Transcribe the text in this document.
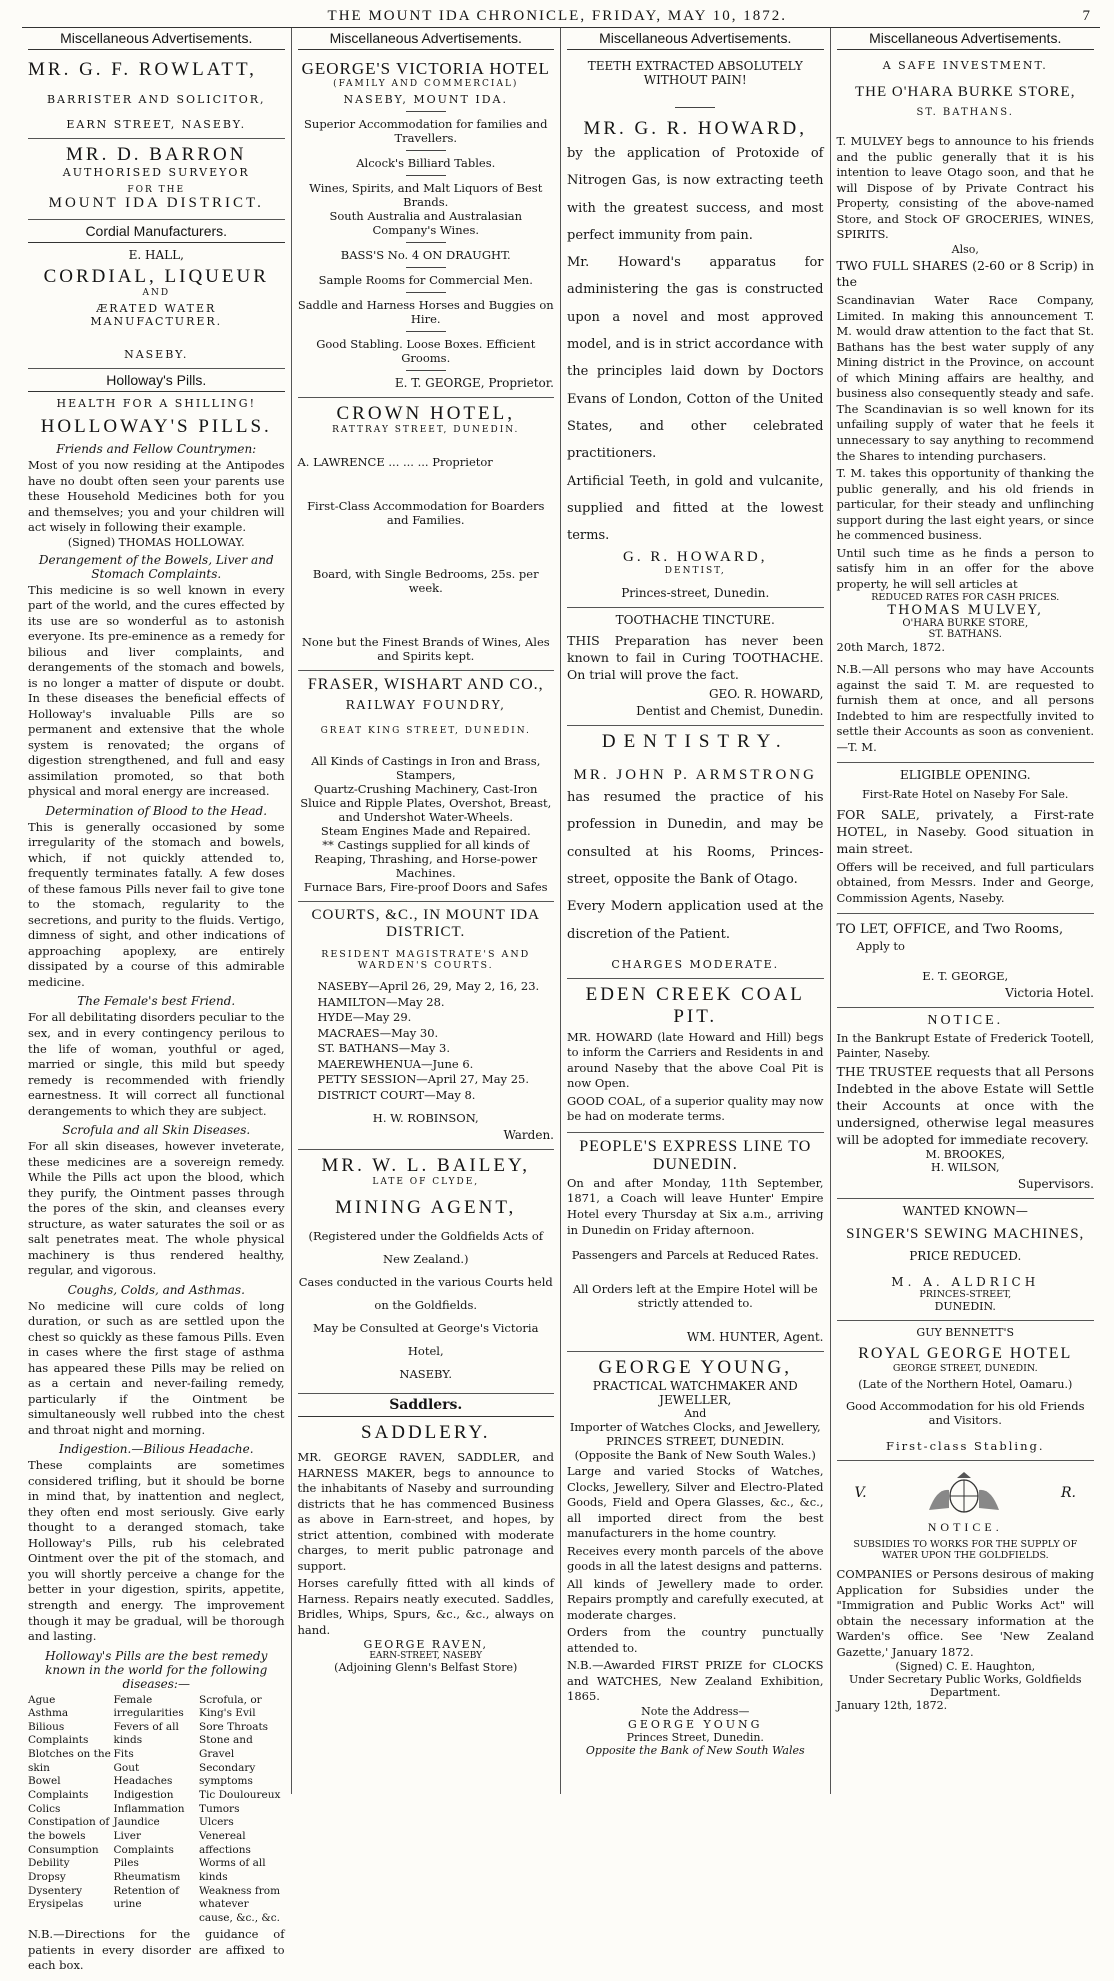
THE MOUNT IDA CHRONICLE, FRIDAY, MAY 10, 1872.	7
Miscellaneous Advertisements.
MR. G. F. ROWLATT,
BARRISTER AND SOLICITOR,
EARN STREET, NASEBY.
MR. D. BARRON
AUTHORISED SURVEYOR
FOR THE
MOUNT IDA DISTRICT.
Cordial Manufacturers.
E. HALL,
CORDIAL, LIQUEUR
AND
ÆRATED WATER MANUFACTURER.
NASEBY.
Holloway's Pills.
HEALTH FOR A SHILLING!
HOLLOWAY'S PILLS.
Friends and Fellow Countrymen:
Most of you now residing at the Antipodes have no doubt often seen your parents use these Household Medicines both for you and themselves; you and your children will act wisely in following their example.
(Signed) THOMAS HOLLOWAY.
Derangement of the Bowels, Liver and Stomach Complaints.
This medicine is so well known in every part of the world, and the cures effected by its use are so wonderful as to astonish everyone. Its pre-eminence as a remedy for bilious and liver complaints, and derangements of the stomach and bowels, is no longer a matter of dispute or doubt. In these diseases the beneficial effects of Holloway's invaluable Pills are so permanent and extensive that the whole system is renovated; the organs of digestion strengthened, and full and easy assimilation promoted, so that both physical and moral energy are increased.
Determination of Blood to the Head.
This is generally occasioned by some irregularity of the stomach and bowels, which, if not quickly attended to, frequently terminates fatally. A few doses of these famous Pills never fail to give tone to the stomach, regularity to the secretions, and purity to the fluids. Vertigo, dimness of sight, and other indications of approaching apoplexy, are entirely dissipated by a course of this admirable medicine.
The Female's best Friend.
For all debilitating disorders peculiar to the sex, and in every contingency perilous to the life of woman, youthful or aged, married or single, this mild but speedy remedy is recommended with friendly earnestness. It will correct all functional derangements to which they are subject.
Scrofula and all Skin Diseases.
For all skin diseases, however inveterate, these medicines are a sovereign remedy. While the Pills act upon the blood, which they purify, the Ointment passes through the pores of the skin, and cleanses every structure, as water saturates the soil or as salt penetrates meat. The whole physical machinery is thus rendered healthy, regular, and vigorous.
Coughs, Colds, and Asthmas.
No medicine will cure colds of long duration, or such as are settled upon the chest so quickly as these famous Pills. Even in cases where the first stage of asthma has appeared these Pills may be relied on as a certain and never-failing remedy, particularly if the Ointment be simultaneously well rubbed into the chest and throat night and morning.
Indigestion.—Bilious Headache.
These complaints are sometimes considered trifling, but it should be borne in mind that, by inattention and neglect, they often end most seriously. Give early thought to a deranged stomach, take Holloway's Pills, rub his celebrated Ointment over the pit of the stomach, and you will shortly perceive a change for the better in your digestion, spirits, appetite, strength and energy. The improvement though it may be gradual, will be thorough and lasting.
Holloway's Pills are the best remedy known in the world for the following diseases:—
Ague
Asthma
Bilious Complaints
Blotches on the skin
Bowel Complaints
Colics
Constipation of the bowels
Consumption
Debility
Dropsy
Dysentery
Erysipelas
Female irregularities
Fevers of all kinds
Fits
Gout
Headaches
Indigestion
Inflammation
Jaundice
Liver Complaints
Piles
Rheumatism
Retention of urine
Scrofula, or King's Evil
Sore Throats
Stone and Gravel
Secondary symptoms
Tic Douloureux
Tumors
Ulcers
Venereal affections
Worms of all kinds
Weakness from whatever cause, &c., &c.
N.B.—Directions for the guidance of patients in every disorder are affixed to each box.
Miscellaneous Advertisements.
GEORGE'S VICTORIA HOTEL
(FAMILY AND COMMERCIAL)
NASEBY, MOUNT IDA.
Superior Accommodation for families and Travellers.
Alcock's Billiard Tables.
Wines, Spirits, and Malt Liquors of Best Brands.
South Australia and Australasian Company's Wines.
BASS'S No. 4 ON DRAUGHT.
Sample Rooms for Commercial Men.
Saddle and Harness Horses and Buggies on Hire.
Good Stabling. Loose Boxes. Efficient Grooms.
E. T. GEORGE, Proprietor.
CROWN HOTEL,
RATTRAY STREET, DUNEDIN.
A. LAWRENCE ... ... ... Proprietor
First-Class Accommodation for Boarders and Families.
Board, with Single Bedrooms, 25s. per week.
None but the Finest Brands of Wines, Ales and Spirits kept.
FRASER, WISHART AND CO.,
RAILWAY FOUNDRY,
GREAT KING STREET, DUNEDIN.
All Kinds of Castings in Iron and Brass, Stampers,
Quartz-Crushing Machinery, Cast-Iron Sluice and Ripple Plates, Overshot, Breast, and Undershot Water-Wheels.
Steam Engines Made and Repaired.
** Castings supplied for all kinds of Reaping, Thrashing, and Horse-power Machines.
Furnace Bars, Fire-proof Doors and Safes
COURTS, &C., IN MOUNT IDA DISTRICT.
RESIDENT MAGISTRATE'S AND WARDEN'S COURTS.
NASEBY—April 26, 29, May 2, 16, 23.
HAMILTON—May 28.
HYDE—May 29.
MACRAES—May 30.
ST. BATHANS—May 3.
MAEREWHENUA—June 6.
PETTY SESSION—April 27, May 25.
DISTRICT COURT—May 8.
H. W. ROBINSON,
Warden.
MR. W. L. BAILEY,
LATE OF CLYDE,
MINING AGENT,
(Registered under the Goldfields Acts of New Zealand.)
Cases conducted in the various Courts held on the Goldfields.
May be Consulted at George's Victoria Hotel,
NASEBY.
Saddlers.
SADDLERY.
MR. GEORGE RAVEN, SADDLER, and HARNESS MAKER, begs to announce to the inhabitants of Naseby and surrounding districts that he has commenced Business as above in Earn-street, and hopes, by strict attention, combined with moderate charges, to merit public patronage and support.
Horses carefully fitted with all kinds of Harness. Repairs neatly executed. Saddles, Bridles, Whips, Spurs, &c., &c., always on hand.
GEORGE RAVEN,
EARN-STREET, NASEBY
(Adjoining Glenn's Belfast Store)
Miscellaneous Advertisements.
TEETH EXTRACTED ABSOLUTELY WITHOUT PAIN!
MR. G. R. HOWARD,
by the application of Protoxide of Nitrogen Gas, is now extracting teeth with the greatest success, and most perfect immunity from pain.
Mr. Howard's apparatus for administering the gas is constructed upon a novel and most approved model, and is in strict accordance with the principles laid down by Doctors Evans of London, Cotton of the United States, and other celebrated practitioners.
Artificial Teeth, in gold and vulcanite, supplied and fitted at the lowest terms.
G. R. HOWARD,
DENTIST,
Princes-street, Dunedin.
TOOTHACHE TINCTURE.
THIS Preparation has never been known to fail in Curing TOOTHACHE. On trial will prove the fact.
GEO. R. HOWARD,
Dentist and Chemist, Dunedin.
DENTISTRY.
MR. JOHN P. ARMSTRONG
has resumed the practice of his profession in Dunedin, and may be consulted at his Rooms, Princes-street, opposite the Bank of Otago.
Every Modern application used at the discretion of the Patient.
CHARGES MODERATE.
EDEN CREEK COAL PIT.
MR. HOWARD (late Howard and Hill) begs to inform the Carriers and Residents in and around Naseby that the above Coal Pit is now Open.
GOOD COAL, of a superior quality may now be had on moderate terms.
PEOPLE'S EXPRESS LINE TO DUNEDIN.
On and after Monday, 11th September, 1871, a Coach will leave Hunter' Empire Hotel every Thursday at Six a.m., arriving in Dunedin on Friday afternoon.
Passengers and Parcels at Reduced Rates.
All Orders left at the Empire Hotel will be strictly attended to.
WM. HUNTER, Agent.
GEORGE YOUNG,
PRACTICAL WATCHMAKER AND JEWELLER,
And
Importer of Watches Clocks, and Jewellery, PRINCES STREET, DUNEDIN.
(Opposite the Bank of New South Wales.)
Large and varied Stocks of Watches, Clocks, Jewellery, Silver and Electro-Plated Goods, Field and Opera Glasses, &c., &c., all imported direct from the best manufacturers in the home country.
Receives every month parcels of the above goods in all the latest designs and patterns.
All kinds of Jewellery made to order. Repairs promptly and carefully executed, at moderate charges.
Orders from the country punctually attended to.
N.B.—Awarded FIRST PRIZE for CLOCKS and WATCHES, New Zealand Exhibition, 1865.
Note the Address—
GEORGE YOUNG
Princes Street, Dunedin.
Opposite the Bank of New South Wales
Miscellaneous Advertisements.
A SAFE INVESTMENT.
THE O'HARA BURKE STORE,
ST. BATHANS.
T. MULVEY begs to announce to his friends and the public generally that it is his intention to leave Otago soon, and that he will Dispose of by Private Contract his Property, consisting of the above-named Store, and Stock OF GROCERIES, WINES, SPIRITS.
Also,
TWO FULL SHARES (2-60 or 8 Scrip) in the
Scandinavian Water Race Company, Limited. In making this announcement T. M. would draw attention to the fact that St. Bathans has the best water supply of any Mining district in the Province, on account of which Mining affairs are healthy, and business also consequently steady and safe. The Scandinavian is so well known for its unfailing supply of water that he feels it unnecessary to say anything to recommend the Shares to intending purchasers.
T. M. takes this opportunity of thanking the public generally, and his old friends in particular, for their steady and unflinching support during the last eight years, or since he commenced business.
Until such time as he finds a person to satisfy him in an offer for the above property, he will sell articles at
REDUCED RATES FOR CASH PRICES.
THOMAS MULVEY,
O'HARA BURKE STORE,
ST. BATHANS.
20th March, 1872.
N.B.—All persons who may have Accounts against the said T. M. are requested to furnish them at once, and all persons Indebted to him are respectfully invited to settle their Accounts as soon as convenient.—T. M.
ELIGIBLE OPENING.
First-Rate Hotel on Naseby For Sale.
FOR SALE, privately, a First-rate HOTEL, in Naseby. Good situation in main street.
Offers will be received, and full particulars obtained, from Messrs. Inder and George, Commission Agents, Naseby.
TO LET, OFFICE, and Two Rooms,
Apply to
E. T. GEORGE,
Victoria Hotel.
NOTICE.
In the Bankrupt Estate of Frederick Tootell, Painter, Naseby.
THE TRUSTEE requests that all Persons Indebted in the above Estate will Settle their Accounts at once with the undersigned, otherwise legal measures will be adopted for immediate recovery.
M. BROOKES,
H. WILSON,
Supervisors.
WANTED KNOWN—
SINGER'S SEWING MACHINES,
PRICE REDUCED.
M. A. ALDRICH
PRINCES-STREET,
DUNEDIN.
GUY BENNETT'S
ROYAL GEORGE HOTEL
GEORGE STREET, DUNEDIN.
(Late of the Northern Hotel, Oamaru.)
Good Accommodation for his old Friends and Visitors.
First-class Stabling.
V.	R.
NOTICE.
SUBSIDIES TO WORKS FOR THE SUPPLY OF WATER UPON THE GOLDFIELDS.
COMPANIES or Persons desirous of making Application for Subsidies under the "Immigration and Public Works Act" will obtain the necessary information at the Warden's office. See 'New Zealand Gazette,' January 1872.
(Signed) C. E. Haughton,
Under Secretary Public Works, Goldfields Department.
January 12th, 1872.
